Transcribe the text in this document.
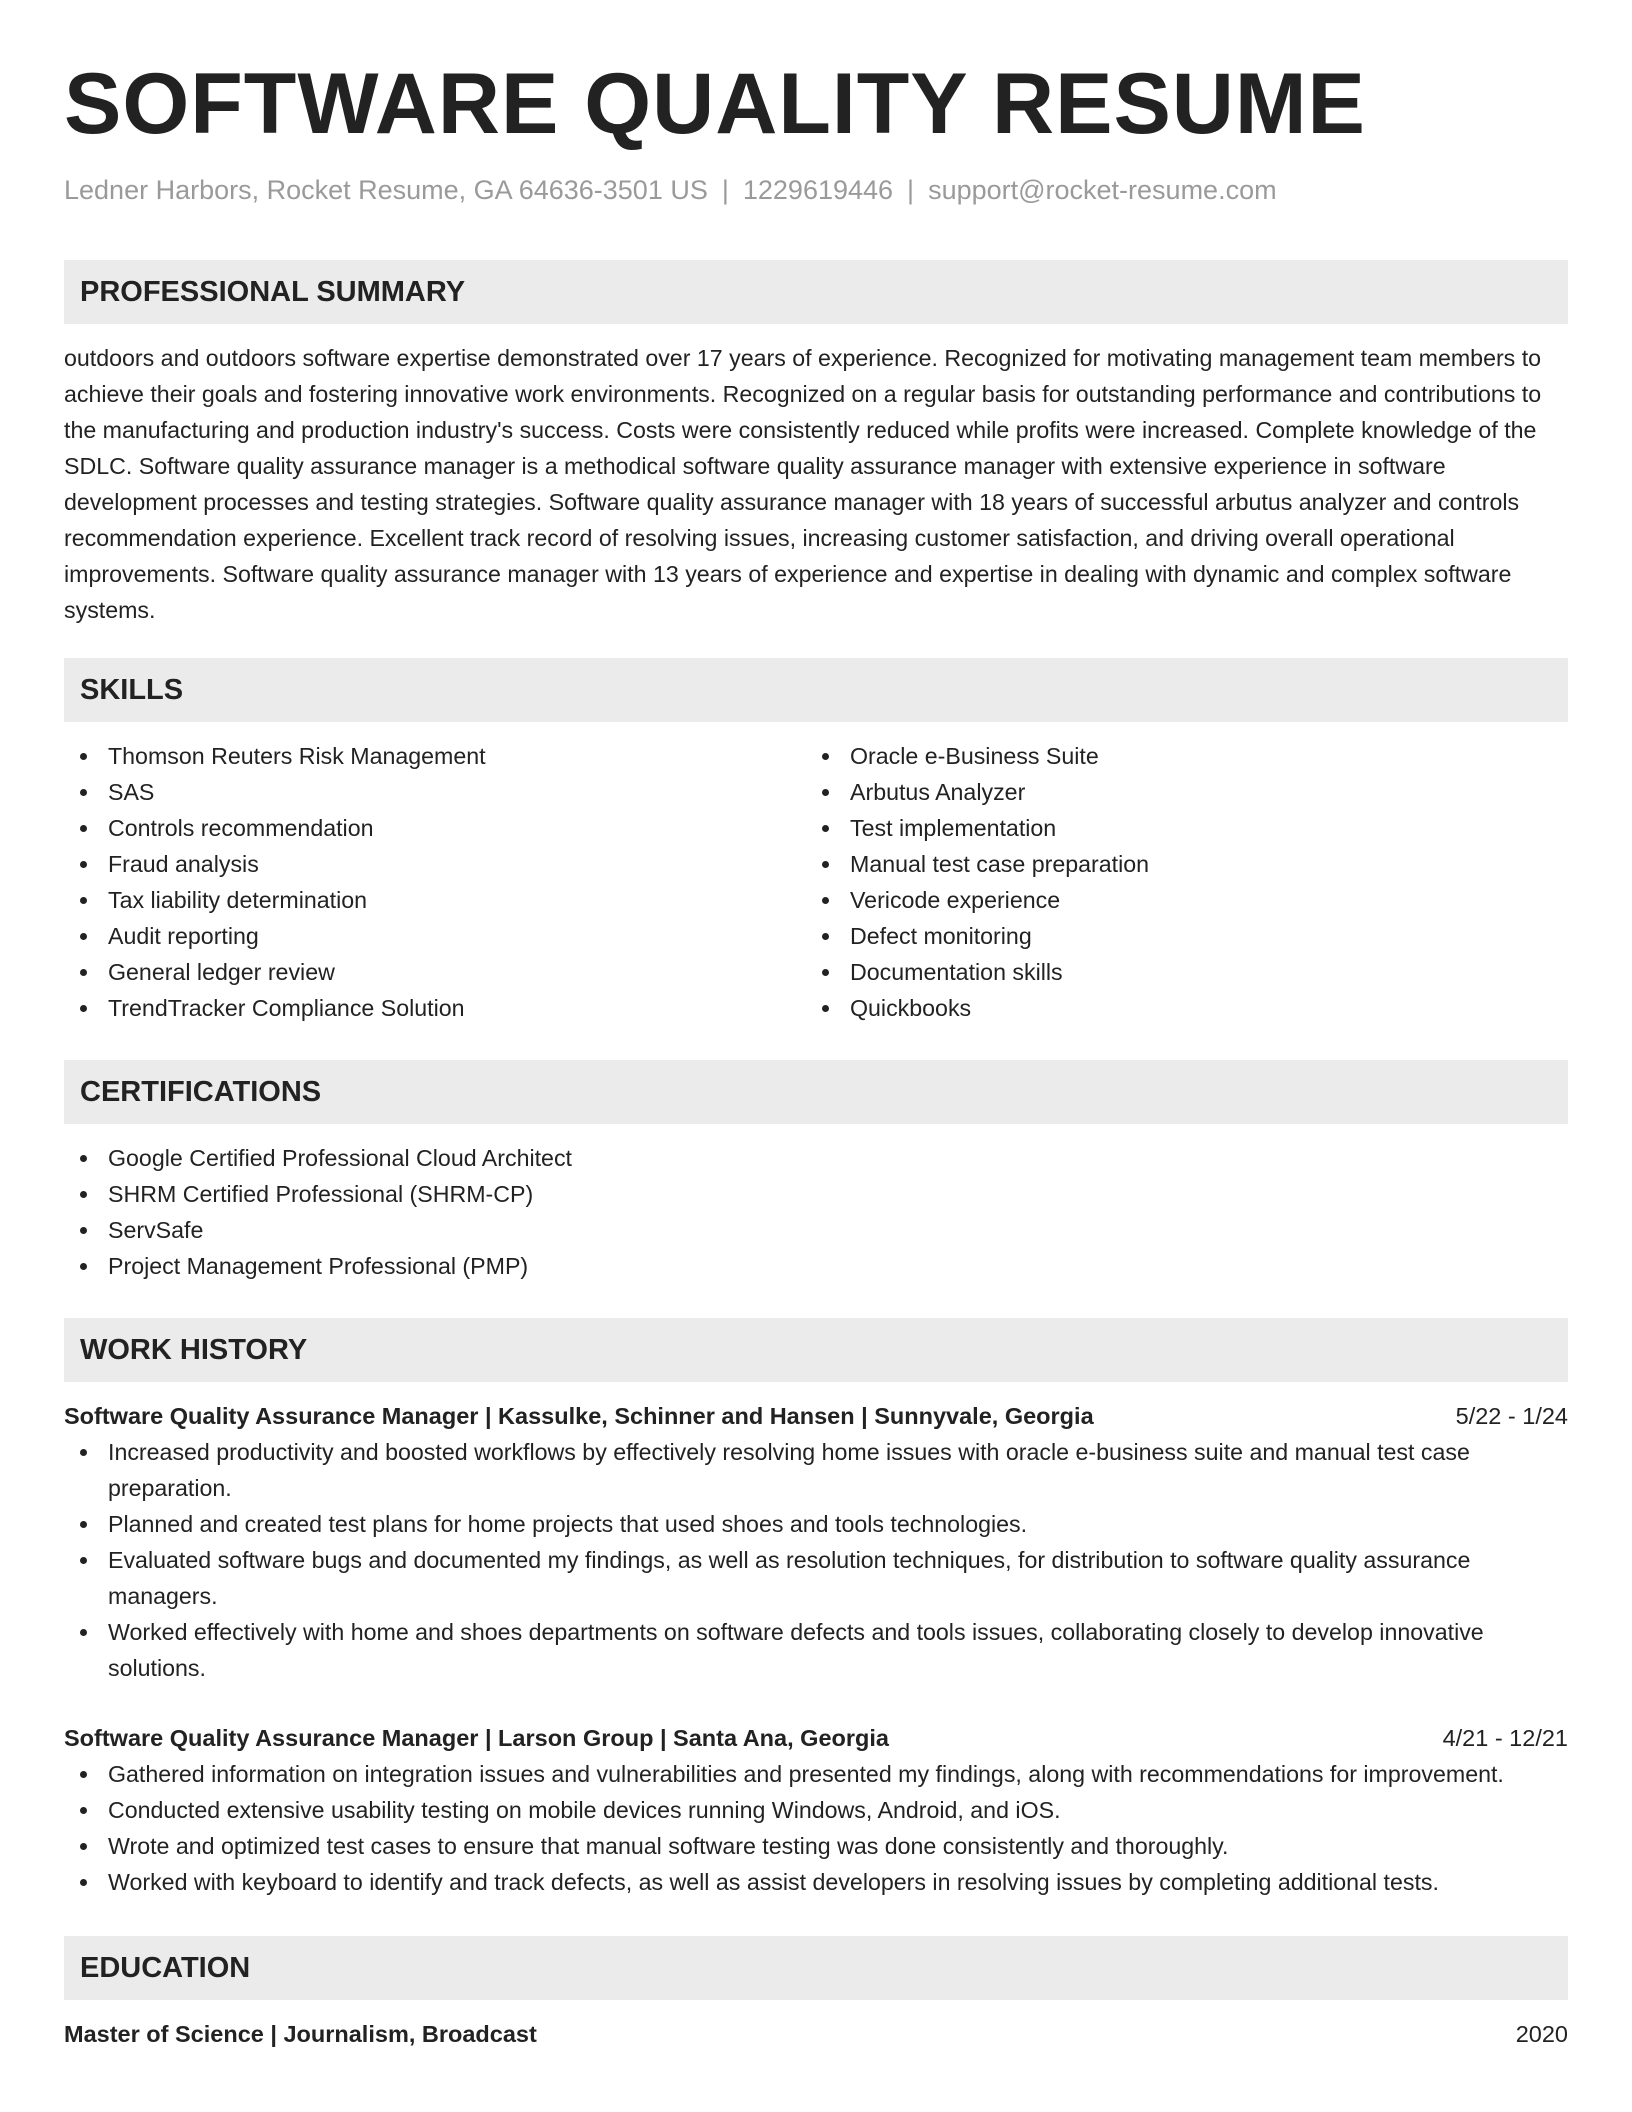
SOFTWARE QUALITY RESUME
Ledner Harbors, Rocket Resume, GA 64636-3501 US | 1229619446 | support@rocket-resume.com
PROFESSIONAL SUMMARY

outdoors and outdoors software expertise demonstrated over 17 years of experience. Recognized for motivating management team members to achieve their goals and fostering innovative work environments. Recognized on a regular basis for outstanding performance and contributions to the manufacturing and production industry's success. Costs were consistently reduced while profits were increased. Complete knowledge of the SDLC. Software quality assurance manager is a methodical software quality assurance manager with extensive experience in software development processes and testing strategies. Software quality assurance manager with 18 years of successful arbutus analyzer and controls recommendation experience. Excellent track record of resolving issues, increasing customer satisfaction, and driving overall operational improvements. Software quality assurance manager with 13 years of experience and expertise in dealing with dynamic and complex software systems.

SKILLS
Thomson Reuters Risk Management
SAS
Controls recommendation
Fraud analysis
Tax liability determination
Audit reporting
General ledger review
TrendTracker Compliance Solution
Oracle e-Business Suite
Arbutus Analyzer
Test implementation
Manual test case preparation
Vericode experience
Defect monitoring
Documentation skills
Quickbooks
CERTIFICATIONS
Google Certified Professional Cloud Architect
SHRM Certified Professional (SHRM-CP)
ServSafe
Project Management Professional (PMP)
WORK HISTORY
Software Quality Assurance Manager | Kassulke, Schinner and Hansen | Sunnyvale, Georgia	5/22 - 1/24
Increased productivity and boosted workflows by effectively resolving home issues with oracle e-business suite and manual test case preparation.
Planned and created test plans for home projects that used shoes and tools technologies.
Evaluated software bugs and documented my findings, as well as resolution techniques, for distribution to software quality assurance managers.
Worked effectively with home and shoes departments on software defects and tools issues, collaborating closely to develop innovative solutions.
Software Quality Assurance Manager | Larson Group | Santa Ana, Georgia	4/21 - 12/21
Gathered information on integration issues and vulnerabilities and presented my findings, along with recommendations for improvement.
Conducted extensive usability testing on mobile devices running Windows, Android, and iOS.
Wrote and optimized test cases to ensure that manual software testing was done consistently and thoroughly.
Worked with keyboard to identify and track defects, as well as assist developers in resolving issues by completing additional tests.
EDUCATION
Master of Science | Journalism, Broadcast	2020
